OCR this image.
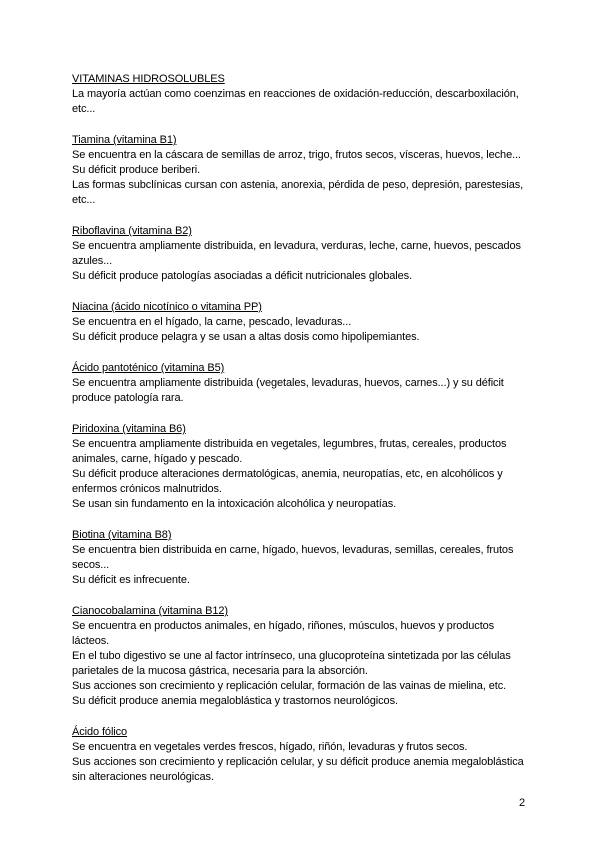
VITAMINAS HIDROSOLUBLES
La mayoría actúan como coenzimas en reacciones de oxidación-reducción, descarboxilación, etc...
Tiamina (vitamina B1)
Se encuentra en la cáscara de semillas de arroz, trigo, frutos secos, vísceras, huevos, leche...
Su déficit produce beriberi.
Las formas subclínicas cursan con astenia, anorexia, pérdida de peso, depresión, parestesias, etc...
Riboflavina (vitamina B2)
Se encuentra ampliamente distribuida, en levadura, verduras, leche, carne, huevos, pescados azules...
Su déficit produce patologías asociadas a déficit nutricionales globales.
Niacina (ácido nicotínico o vitamina PP)
Se encuentra en el hígado, la carne, pescado, levaduras...
Su déficit produce pelagra y se usan a altas dosis como hipolipemiantes.
Ácido pantoténico (vitamina B5)
Se encuentra ampliamente distribuida (vegetales, levaduras, huevos, carnes...) y su déficit produce patología rara.
Piridoxina (vitamina B6)
Se encuentra ampliamente distribuida en vegetales, legumbres, frutas, cereales, productos animales, carne, hígado y pescado.
Su déficit produce alteraciones dermatológicas, anemia, neuropatías, etc, en alcohólicos y enfermos crónicos malnutridos.
Se usan sin fundamento en la intoxicación alcohólica y neuropatías.
Biotina (vitamina B8)
Se encuentra bien distribuida en carne, hígado, huevos, levaduras, semillas, cereales, frutos secos...
Su déficit es infrecuente.
Cianocobalamina (vitamina B12)
Se encuentra en productos animales, en hígado, riñones, músculos, huevos y productos lácteos.
En el tubo digestivo se une al factor intrínseco, una glucoproteína sintetizada por las células parietales de la mucosa gástrica, necesaria para la absorción.
Sus acciones son crecimiento y replicación celular, formación de las vainas de mielina, etc.
Su déficit produce anemia megaloblástica y trastornos neurológicos.
Ácido fólico
Se encuentra en vegetales verdes frescos, hígado, riñón, levaduras y frutos secos.
Sus acciones son crecimiento y replicación celular, y su déficit produce anemia megaloblástica sin alteraciones neurológicas.
2
